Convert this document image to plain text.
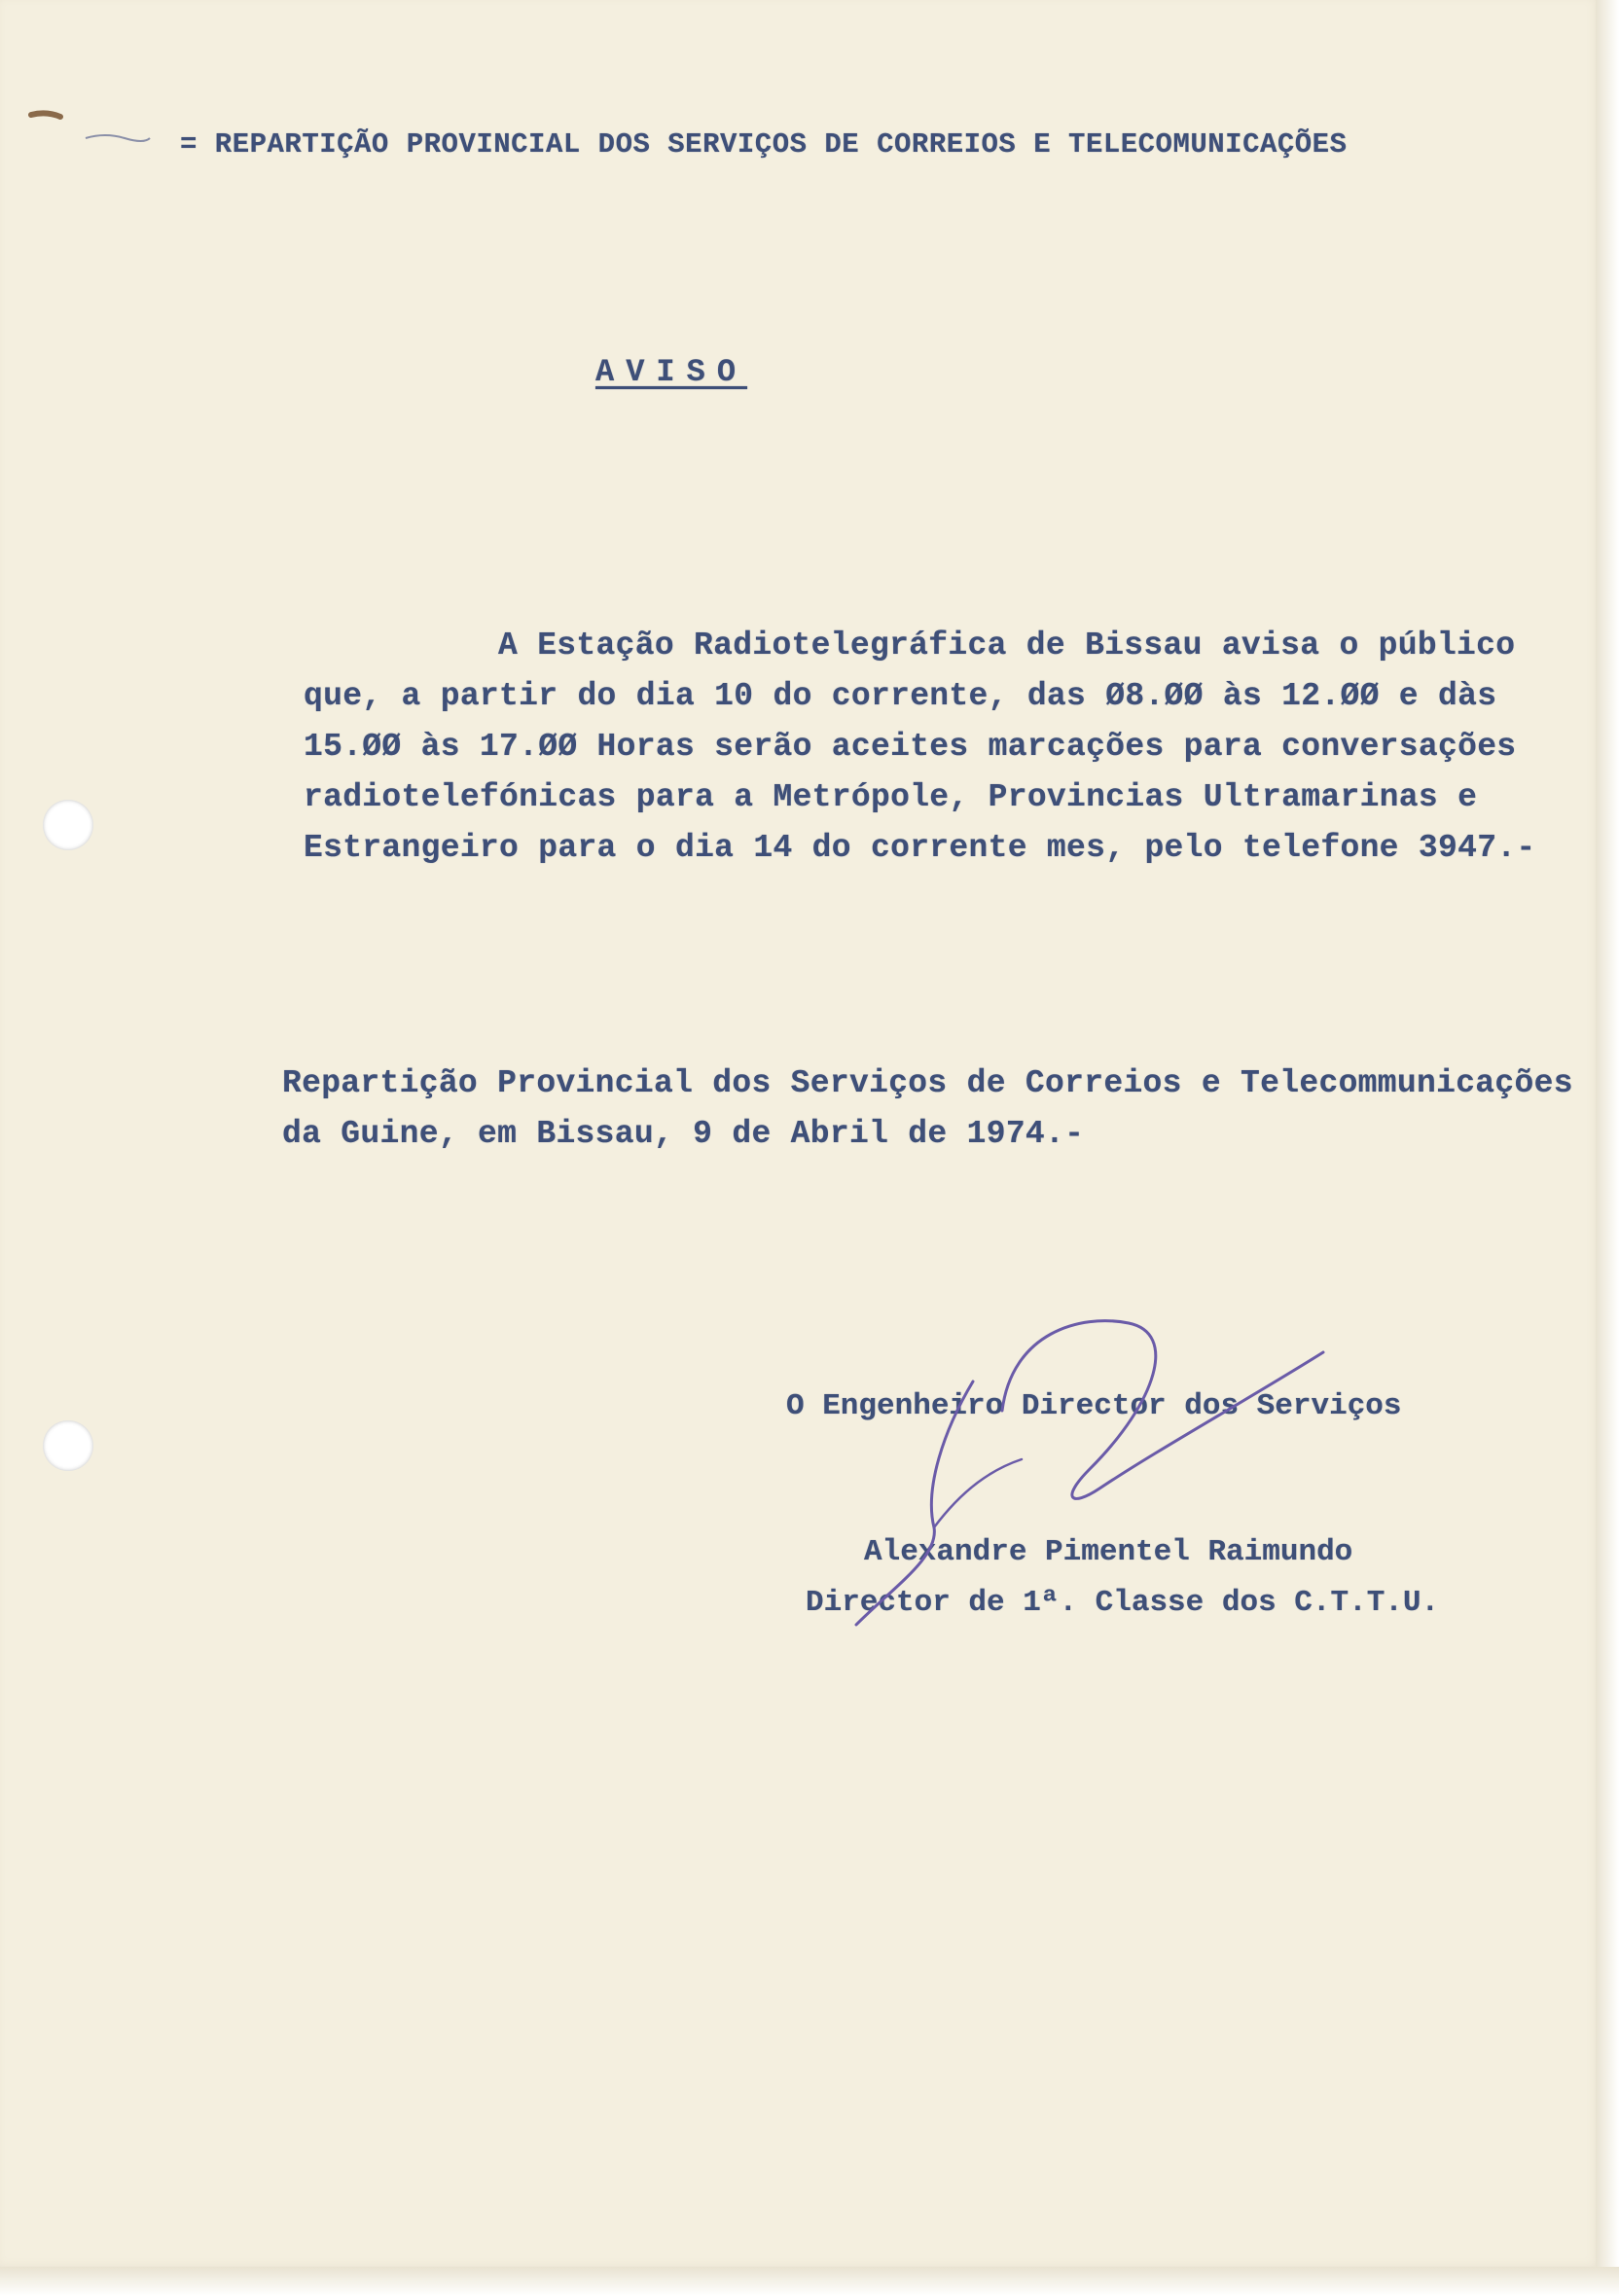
= REPARTIÇÃO PROVINCIAL DOS SERVIÇOS DE CORREIOS E TELECOMUNICAÇÕES
AVISO
A Estação Radiotelegráfica de Bissau avisa o público
que, a partir do dia 10 do corrente, das Ø8.ØØ às 12.ØØ e dàs
15.ØØ às 17.ØØ Horas serão aceites marcações para conversações
radiotelefónicas para a Metrópole, Provincias Ultramarinas e
Estrangeiro para o dia 14 do corrente mes, pelo telefone 3947.-
Repartição Provincial dos Serviços de Correios e Telecommunicações
da Guine, em Bissau, 9 de Abril de 1974.-
O Engenheiro Director dos Serviços
Alexandre Pimentel Raimundo
Director de 1ª. Classe dos C.T.T.U.
